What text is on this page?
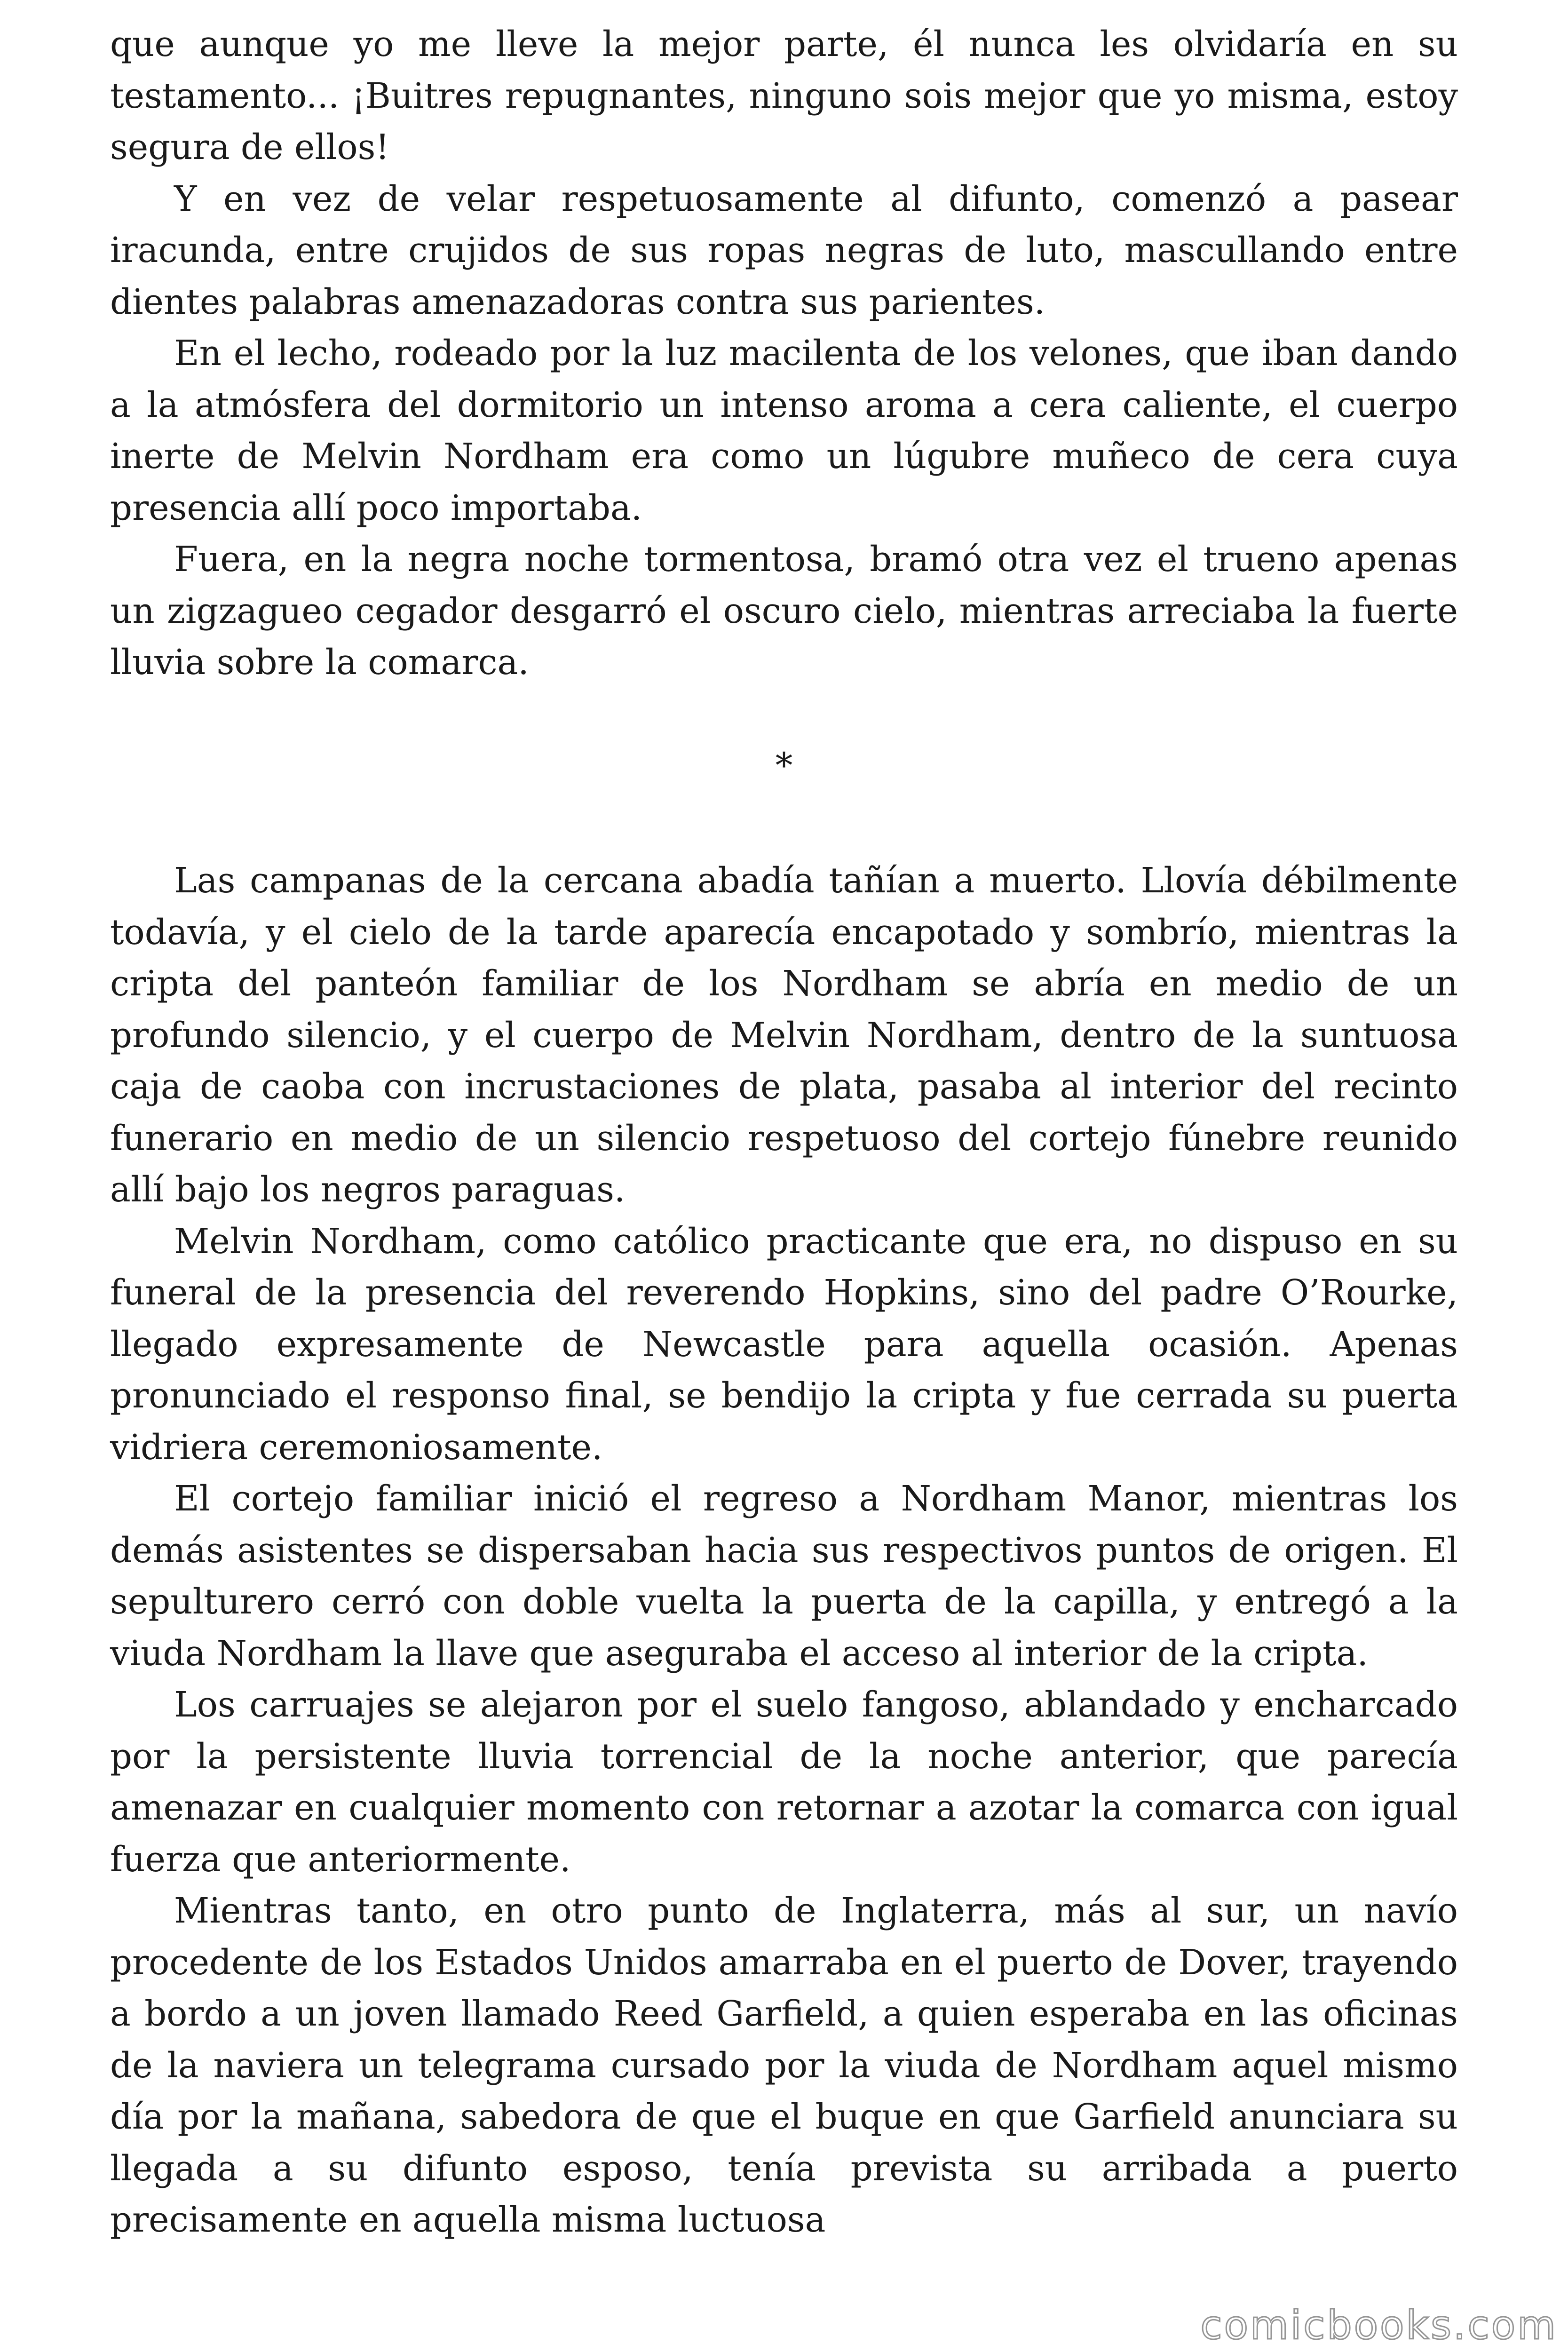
que aunque yo me lleve la mejor parte, él nunca les olvidaría en su testamento... ¡Buitres repugnantes, ninguno sois mejor que yo misma, estoy segura de ellos!

Y en vez de velar respetuosamente al difunto, comenzó a pasear iracunda, entre crujidos de sus ropas negras de luto, mascullando entre dientes palabras amenazadoras contra sus parientes.

En el lecho, rodeado por la luz macilenta de los velones, que iban dando a la atmósfera del dormitorio un intenso aroma a cera caliente, el cuerpo inerte de Melvin Nordham era como un lúgubre muñeco de cera cuya presencia allí poco importaba.

Fuera, en la negra noche tormentosa, bramó otra vez el trueno apenas un zigzagueo cegador desgarró el oscuro cielo, mientras arreciaba la fuerte lluvia sobre la comarca.

*

Las campanas de la cercana abadía tañían a muerto. Llovía débilmente todavía, y el cielo de la tarde aparecía encapotado y sombrío, mientras la cripta del panteón familiar de los Nordham se abría en medio de un profundo silencio, y el cuerpo de Melvin Nordham, dentro de la suntuosa caja de caoba con incrustaciones de plata, pasaba al interior del recinto funerario en medio de un silencio respetuoso del cortejo fúnebre reunido allí bajo los negros paraguas.

Melvin Nordham, como católico practicante que era, no dispuso en su funeral de la presencia del reverendo Hopkins, sino del padre O’Rourke, llegado expresamente de Newcastle para aquella ocasión. Apenas pronunciado el responso final, se bendijo la cripta y fue cerrada su puerta vidriera ceremoniosamente.

El cortejo familiar inició el regreso a Nordham Manor, mientras los demás asistentes se dispersaban hacia sus respectivos puntos de origen. El sepulturero cerró con doble vuelta la puerta de la capilla, y entregó a la viuda Nordham la llave que aseguraba el acceso al interior de la cripta.

Los carruajes se alejaron por el suelo fangoso, ablandado y encharcado por la persistente lluvia torrencial de la noche anterior, que parecía amenazar en cualquier momento con retornar a azotar la comarca con igual fuerza que anteriormente.

Mientras tanto, en otro punto de Inglaterra, más al sur, un navío procedente de los Estados Unidos amarraba en el puerto de Dover, trayendo a bordo a un joven llamado Reed Garfield, a quien esperaba en las oficinas de la naviera un telegrama cursado por la viuda de Nordham aquel mismo día por la mañana, sabedora de que el buque en que Garfield anunciara su llegada a su difunto esposo, tenía prevista su arribada a puerto precisamente en aquella misma luctuosa

comicbooks.com
